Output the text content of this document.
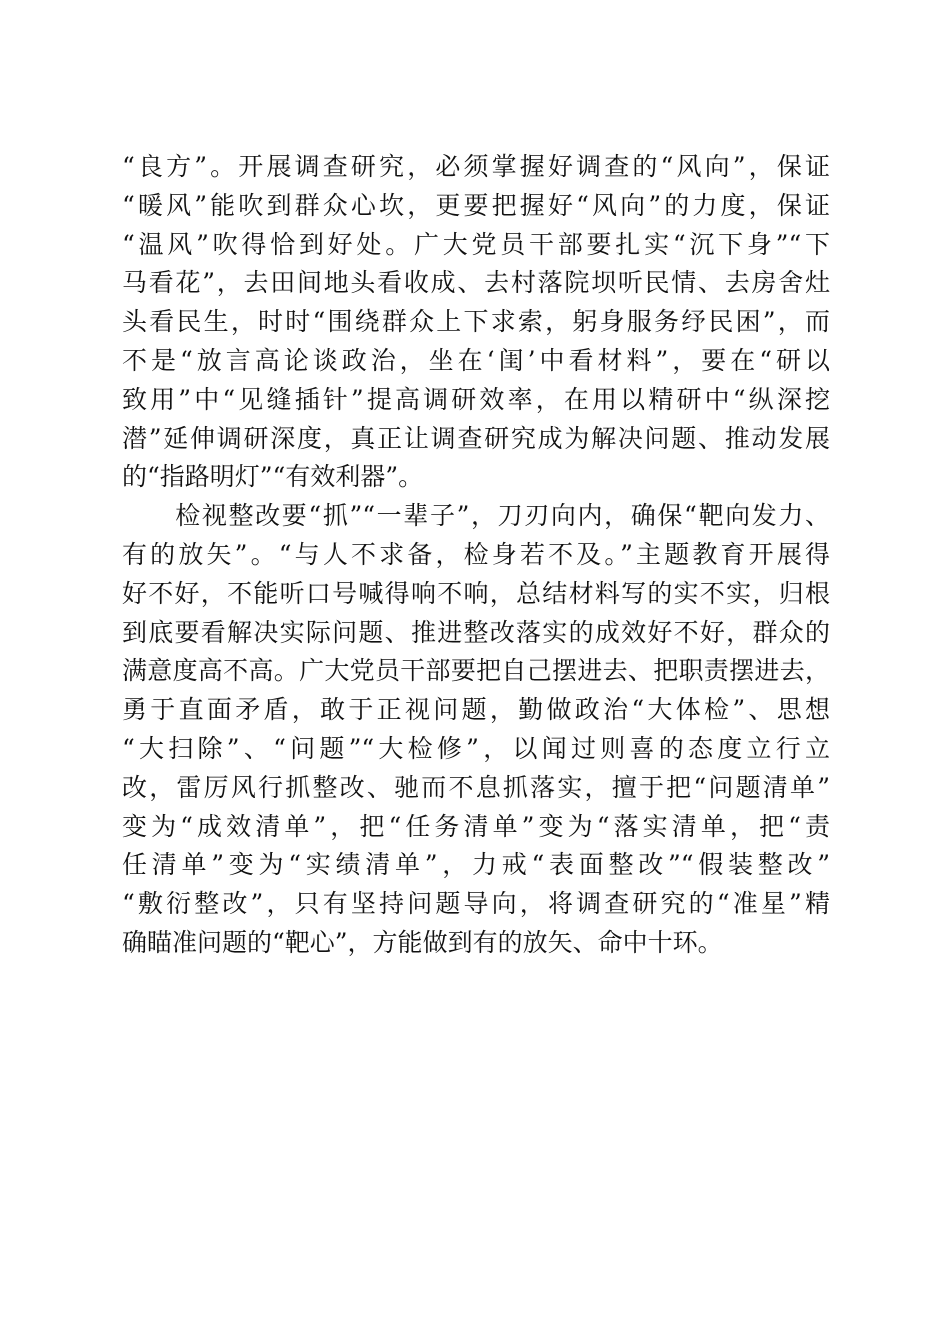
“良方”。开展调查研究，必须掌握好调查的“风向”，保证
“暖风”能吹到群众心坎，更要把握好“风向”的力度，保证
“温风”吹得恰到好处。广大党员干部要扎实“沉下身”“下
马看花”，去田间地头看收成、去村落院坝听民情、去房舍灶
头看民生，时时“围绕群众上下求索，躬身服务纾民困”，而
不是“放言高论谈政治，坐在‘闺’中看材料”，要在“研以
致用”中“见缝插针”提高调研效率，在用以精研中“纵深挖
潜”延伸调研深度，真正让调查研究成为解决问题、推动发展
的“指路明灯”“有效利器”。
　　检视整改要“抓”“一辈子”，刀刃向内，确保“靶向发力、
有的放矢”。“与人不求备，检身若不及。”主题教育开展得
好不好，不能听口号喊得响不响，总结材料写的实不实，归根
到底要看解决实际问题、推进整改落实的成效好不好，群众的
满意度高不高。广大党员干部要把自己摆进去、把职责摆进去，
勇于直面矛盾，敢于正视问题，勤做政治“大体检”、思想
“大扫除”、“问题”“大检修”，以闻过则喜的态度立行立
改，雷厉风行抓整改、驰而不息抓落实，擅于把“问题清单”
变为“成效清单”，把“任务清单”变为“落实清单，把“责
任清单”变为“实绩清单”，力戒“表面整改”“假装整改”
“敷衍整改”，只有坚持问题导向，将调查研究的“准星”精
确瞄准问题的“靶心”，方能做到有的放矢、命中十环。
